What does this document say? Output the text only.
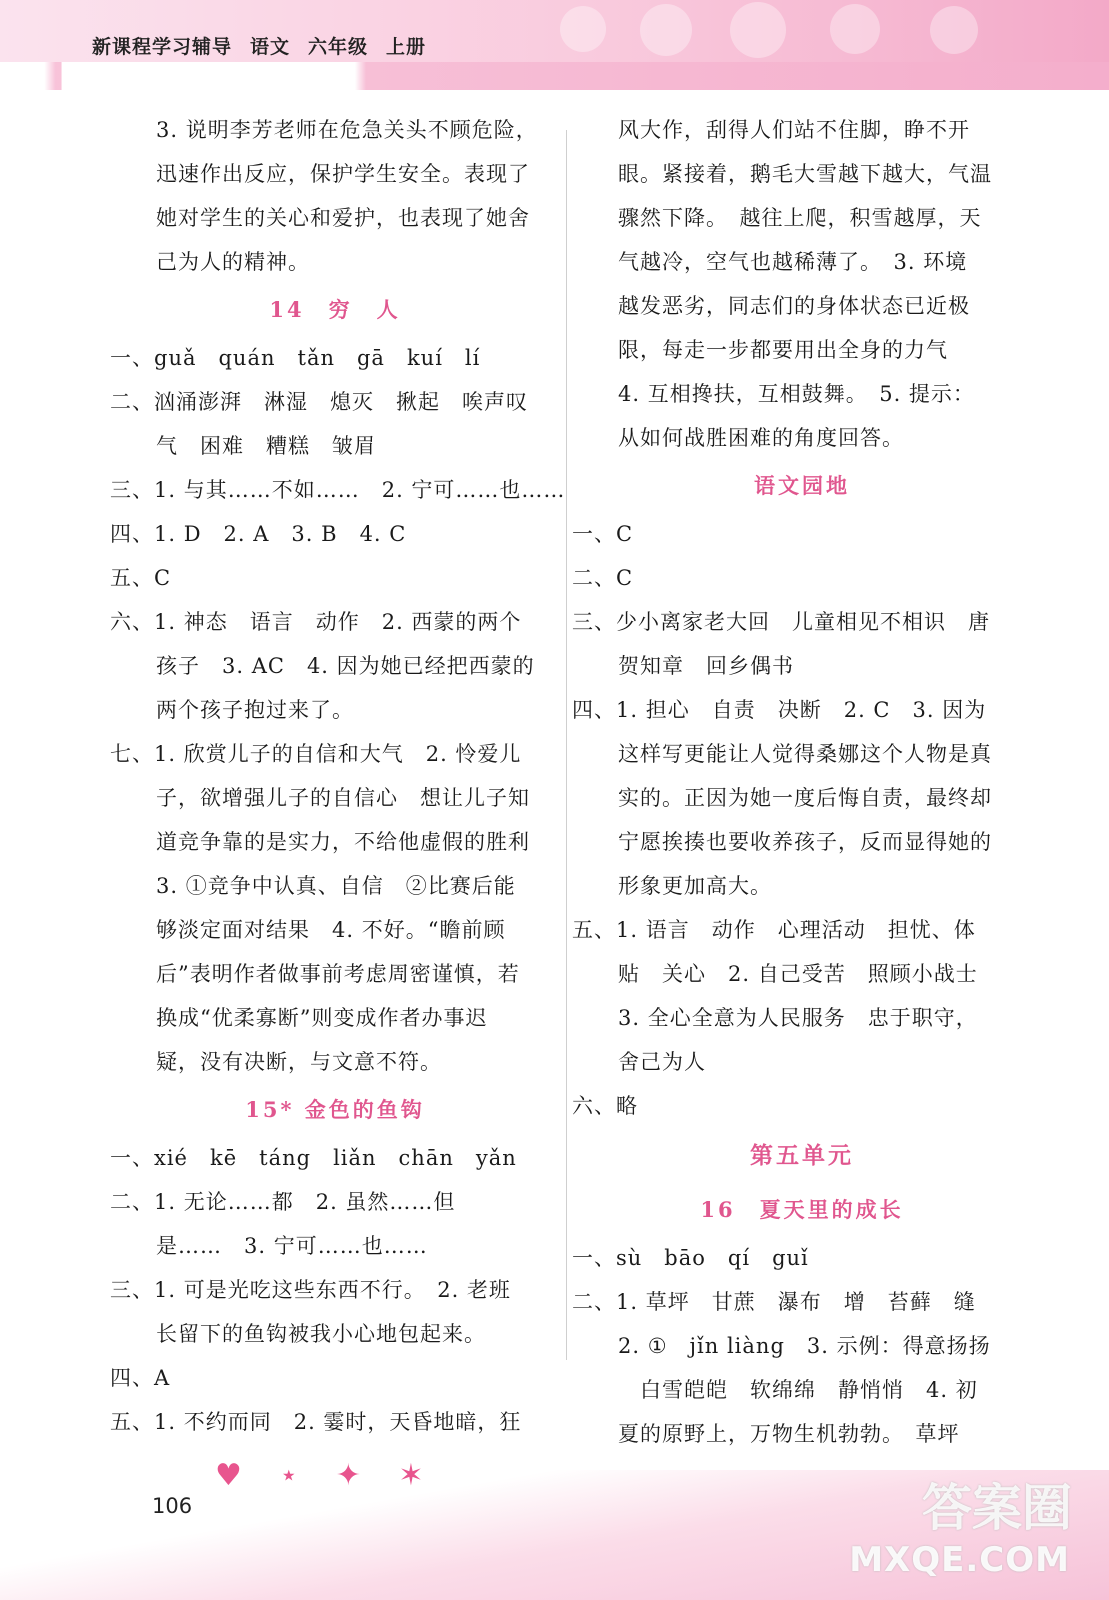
新课程学习辅导 语文 六年级 上册
3. 说明李芳老师在危急关头不顾危险，
迅速作出反应，保护学生安全。表现了
她对学生的关心和爱护，也表现了她舍
己为人的精神。
14　穷　人
一、guǎ　quán　tǎn　gā　kuí　lí
二、汹涌澎湃　淋湿　熄灭　揪起　唉声叹
气　困难　糟糕　皱眉
三、1. 与其……不如……　2. 宁可……也……
四、1. D　2. A　3. B　4. C
五、C
六、1. 神态　语言　动作　2. 西蒙的两个
孩子　3. AC　4. 因为她已经把西蒙的
两个孩子抱过来了。
七、1. 欣赏儿子的自信和大气　2. 怜爱儿
子，欲增强儿子的自信心　想让儿子知
道竞争靠的是实力，不给他虚假的胜利
3. ①竞争中认真、自信　②比赛后能
够淡定面对结果　4. 不好。“瞻前顾
后”表明作者做事前考虑周密谨慎，若
换成“优柔寡断”则变成作者办事迟
疑，没有决断，与文意不符。
15* 金色的鱼钩
一、xié　kē　táng　liǎn　chān　yǎn
二、1. 无论……都　2. 虽然……但
是……　3. 宁可……也……
三、1. 可是光吃这些东西不行。　2. 老班
长留下的鱼钩被我小心地包起来。
四、A
五、1. 不约而同　2. 霎时，天昏地暗，狂
风大作，刮得人们站不住脚，睁不开
眼。紧接着，鹅毛大雪越下越大，气温
骤然下降。　越往上爬，积雪越厚，天
气越冷，空气也越稀薄了。　3. 环境
越发恶劣，同志们的身体状态已近极
限，每走一步都要用出全身的力气
4. 互相搀扶，互相鼓舞。　5. 提示：
从如何战胜困难的角度回答。
语文园地
一、C
二、C
三、少小离家老大回　儿童相见不相识　唐
贺知章　回乡偶书
四、1. 担心　自责　决断　2. C　3. 因为
这样写更能让人觉得桑娜这个人物是真
实的。正因为她一度后悔自责，最终却
宁愿挨揍也要收养孩子，反而显得她的
形象更加高大。
五、1. 语言　动作　心理活动　担忧、体
贴　关心　2. 自己受苦　照顾小战士
3. 全心全意为人民服务　忠于职守，
舍己为人
六、略
第五单元
16　夏天里的成长
一、sù　bāo　qí　guǐ
二、1. 草坪　甘蔗　瀑布　增　苔藓　缝
2. ①　jǐn liàng　3. 示例：得意扬扬
　白雪皑皑　软绵绵　静悄悄　4. 初
夏的原野上，万物生机勃勃。　草坪
♥ ⋆ ✦ ✶
106	答案圈
MXQE.COM
